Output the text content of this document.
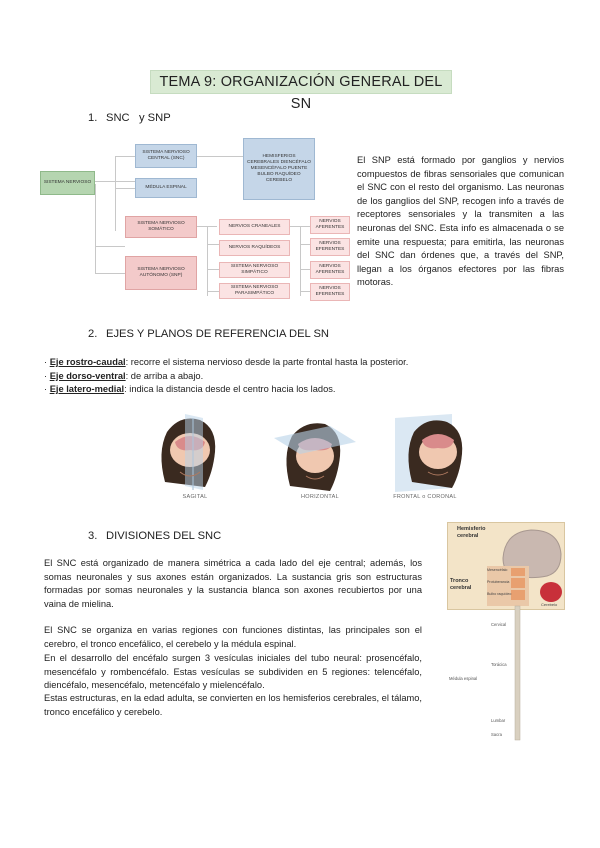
TEMA 9: ORGANIZACIÓN GENERAL DEL SN
1. SNC   y SNP
SISTEMA NERVIOSO
SISTEMA NERVIOSO CENTRAL (SNC)
MÉDULA ESPINAL
HEMISFERIOS CEREBRALES DIENCÉFALO MESENCÉFALO PUENTE BULBO RAQUÍDEO CEREBELO
SISTEMA NERVIOSO SOMÁTICO
SISTEMA NERVIOSO AUTÓNOMO (SNP)
NERVIOS CRANEALES
NERVIOS RAQUÍDEOS
SISTEMA NERVIOSO SIMPÁTICO
SISTEMA NERVIOSO PARASIMPÁTICO
NERVIOS AFERENTES
NERVIOS EFERENTES
NERVIOS AFERENTES
NERVIOS EFERENTES
El SNP está formado por ganglios y nervios compuestos de fibras sensoriales que comunican el SNC con el resto del organismo. Las neuronas de los ganglios del SNP, recogen info a través de receptores sensoriales y la transmiten a las neuronas del SNC. Esta info es almacenada o se emite una respuesta; para emitirla, las neuronas del SNC dan órdenes que, a través del SNP, llegan a los órganos efectores por las fibras motoras.
2. EJES Y PLANOS DE REFERENCIA DEL SN
· Eje rostro-caudal: recorre el sistema nervioso desde la parte frontal hasta la posterior.
· Eje dorso-ventral: de arriba a abajo.
· Eje latero-medial: indica la distancia desde el centro hacia los lados.
SAGITAL	HORIZONTAL	FRONTAL o CORONAL
3. DIVISIONES DEL SNC
El SNC está organizado de manera simétrica a cada lado del eje central; además, los somas neuronales y sus axones están organizados. La sustancia gris son estructuras formadas por somas neuronales y la sustancia blanca son axones recubiertos por una vaina de mielina.
El SNC se organiza en varias regiones con funciones distintas, las principales son el cerebro, el tronco encefálico, el cerebelo y la médula espinal.
En el desarrollo del encéfalo surgen 3 vesículas iniciales del tubo neural: prosencéfalo, mesencéfalo y rombencéfalo. Estas vesículas se subdividen en 5 regiones: telencéfalo, diencéfalo, mesencéfalo, metencéfalo y mielencéfalo.
Estas estructuras, en la edad adulta, se convierten en los hemisferios cerebrales, el tálamo, tronco encefálico y cerebelo.
Hemisferio cerebral
Tronco cerebral
Mesencéfalo
Protuberancia
Bulbo raquídeo
Cerebelo
Cervical
Torácica
Médula espinal
Lumbar
Sacra
